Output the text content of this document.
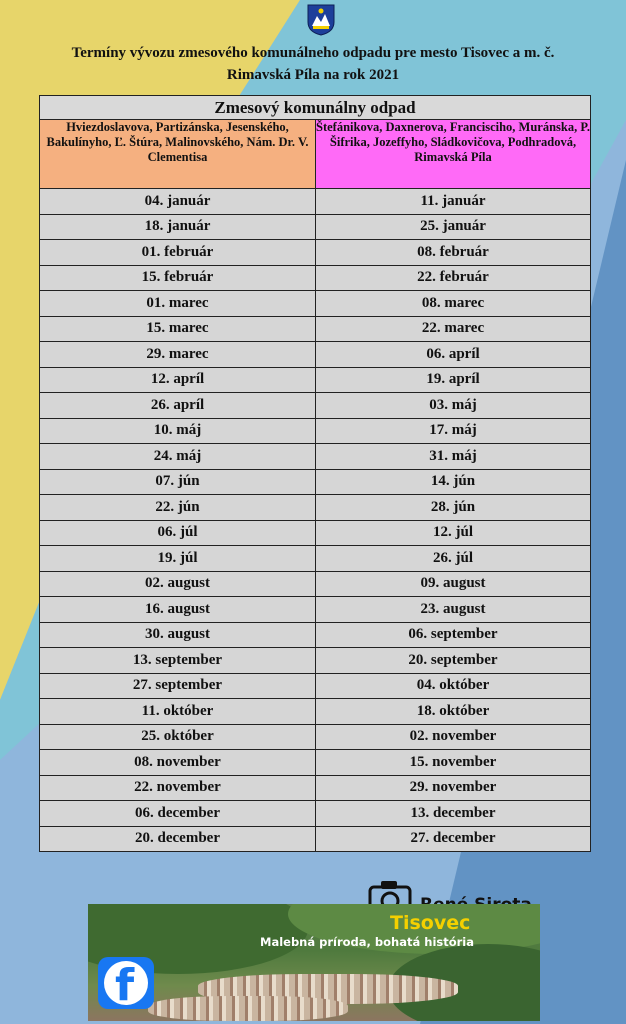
Termíny vývozu zmesového komunálneho odpadu pre mesto Tisovec a m. č.
Rimavská Píla na rok 2021
Zmesový komunálny odpad	
Hviezdoslavova, Partizánska, Jesenského, Bakulínyho, Ľ. Štúra, Malinovského, Nám. Dr. V. Clementisa	Štefánikova, Daxnerova, Francisciho, Muránska, P. Šifrika, Jozeffyho, Sládkovičova, Podhradová, Rimavská Píla
04. január	11. január
18. január	25. január
01. február	08. február
15. február	22. február
01. marec	08. marec
15. marec	22. marec
29. marec	06. apríl
12. apríl	19. apríl
26. apríl	03. máj
10. máj	17. máj
24. máj	31. máj
07. jún	14. jún
22. jún	28. jún
06. júl	12. júl
19. júl	26. júl
02. august	09. august
16. august	23. august
30. august	06. september
13. september	20. september
27. september	04. október
11. október	18. október
25. október	02. november
08. november	15. november
22. november	29. november
06. december	13. december
20. december	27. december
Tisovec
Malebná príroda, bohatá história
f
